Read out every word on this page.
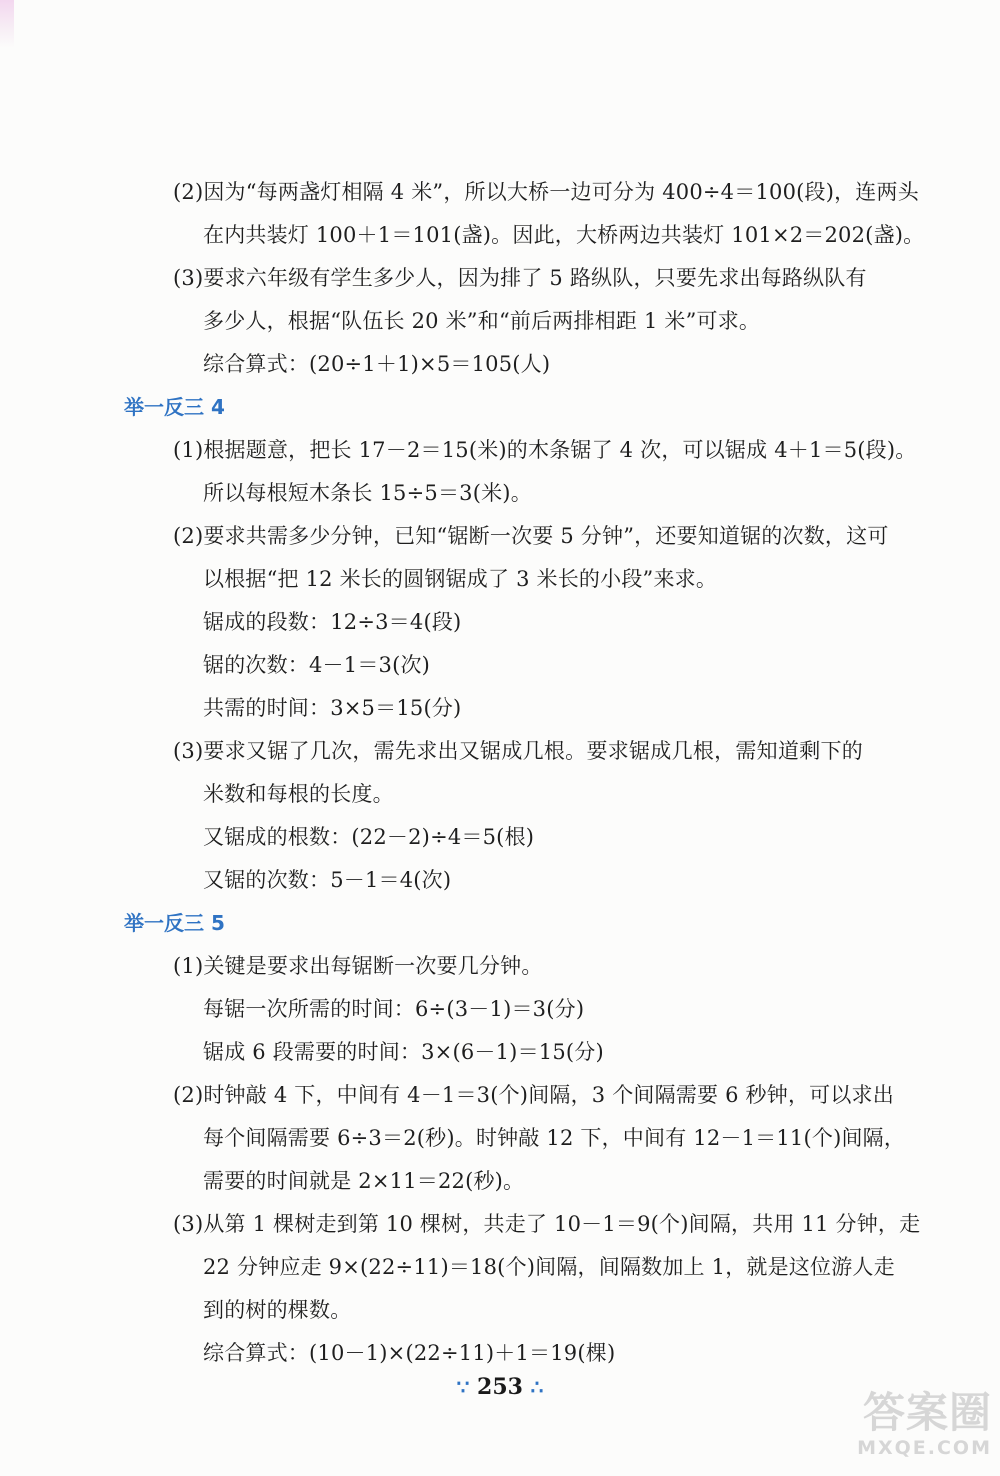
(2)因为“每两盏灯相隔 4 米”，所以大桥一边可分为 400÷4＝100(段)，连两头
在内共装灯 100＋1＝101(盏)。因此，大桥两边共装灯 101×2＝202(盏)。
(3)要求六年级有学生多少人，因为排了 5 路纵队，只要先求出每路纵队有
多少人，根据“队伍长 20 米”和“前后两排相距 1 米”可求。
综合算式：(20÷1＋1)×5＝105(人)
举一反三 4
(1)根据题意，把长 17－2＝15(米)的木条锯了 4 次，可以锯成 4＋1＝5(段)。
所以每根短木条长 15÷5＝3(米)。
(2)要求共需多少分钟，已知“锯断一次要 5 分钟”，还要知道锯的次数，这可
以根据“把 12 米长的圆钢锯成了 3 米长的小段”来求。
锯成的段数：12÷3＝4(段)
锯的次数：4－1＝3(次)
共需的时间：3×5＝15(分)
(3)要求又锯了几次，需先求出又锯成几根。要求锯成几根，需知道剩下的
米数和每根的长度。
又锯成的根数：(22－2)÷4＝5(根)
又锯的次数：5－1＝4(次)
举一反三 5
(1)关键是要求出每锯断一次要几分钟。
每锯一次所需的时间：6÷(3－1)＝3(分)
锯成 6 段需要的时间：3×(6－1)＝15(分)
(2)时钟敲 4 下，中间有 4－1＝3(个)间隔，3 个间隔需要 6 秒钟，可以求出
每个间隔需要 6÷3＝2(秒)。时钟敲 12 下，中间有 12－1＝11(个)间隔，
需要的时间就是 2×11＝22(秒)。
(3)从第 1 棵树走到第 10 棵树，共走了 10－1＝9(个)间隔，共用 11 分钟，走
22 分钟应走 9×(22÷11)＝18(个)间隔，间隔数加上 1，就是这位游人走
到的树的棵数。
综合算式：(10－1)×(22÷11)＋1＝19(棵)
∵ 253 ∴
答案圈
MXQE.COM
